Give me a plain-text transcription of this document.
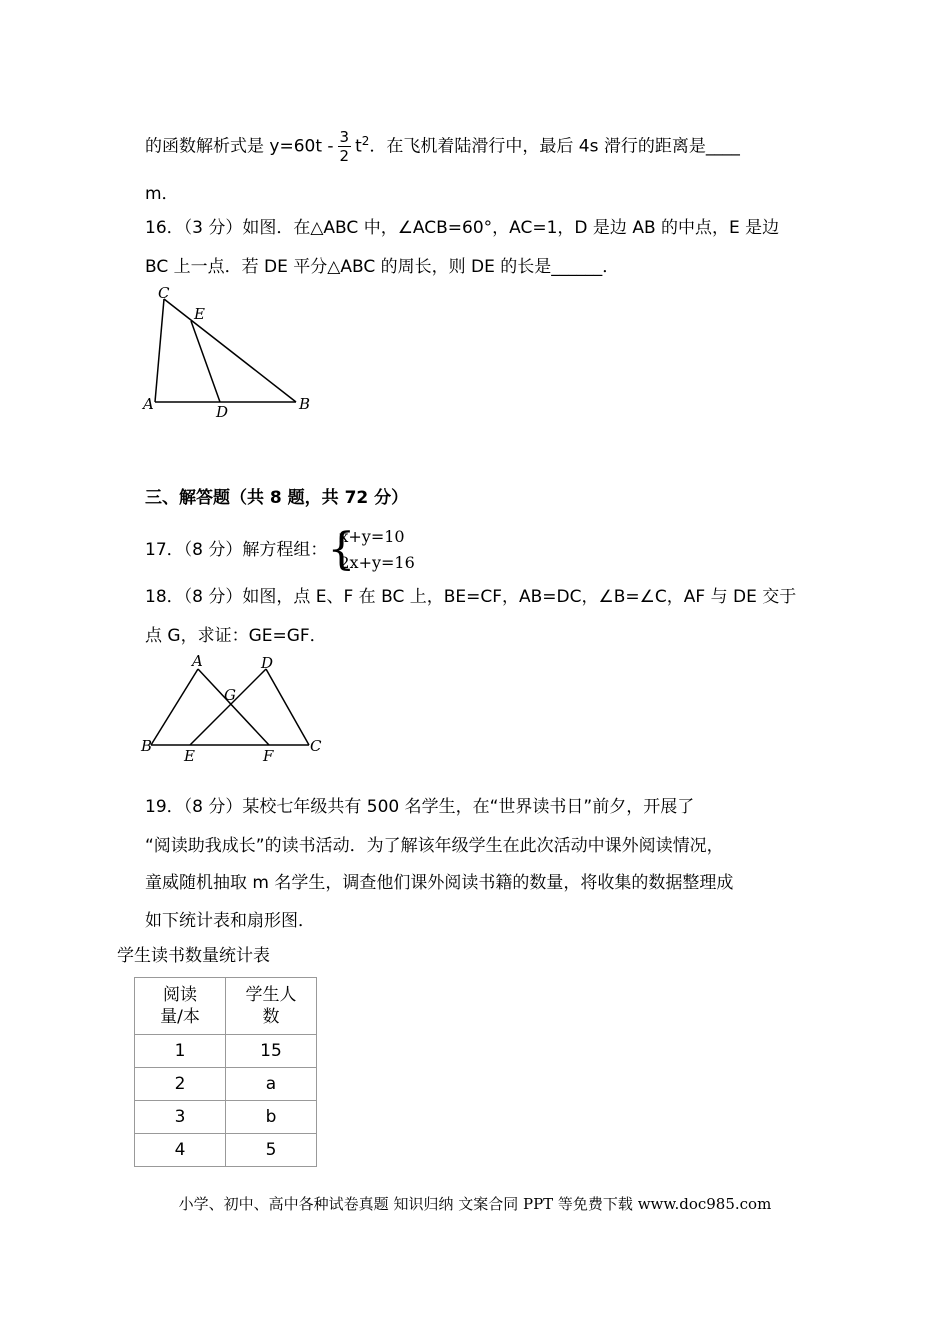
的函数解析式是 $y=60t - \frac{3}{2} t^2$．在飞机着陆滑行中，最后 4s 滑行的距离是____
m．
16．（3 分）如图．在△ABC 中，∠ACB=60°，AC=1，D 是边 AB 的中点，E 是边
BC 上一点．若 DE 平分△ABC 的周长，则 DE 的长是______．
C
E
A	D	B
三、解答题（共 8 题，共 72 分）
17．（8 分）解方程组： {
x+y=10
2x+y=16
18．（8 分）如图，点 E、F 在 BC 上，BE=CF，AB=DC，∠B=∠C，AF 与 DE 交于
点 G，求证：GE=GF．
A	D
G
B
E	F
C
19．（8 分）某校七年级共有 500 名学生，在“世界读书日”前夕，开展了
“阅读助我成长”的读书活动．为了解该年级学生在此次活动中课外阅读情况，
童威随机抽取 m 名学生，调查他们课外阅读书籍的数量，将收集的数据整理成
如下统计表和扇形图．
学生读书数量统计表
阅读量/本	学生人数

1	15
2	a
3	b
4	5
小学、初中、高中各种试卷真题 知识归纳 文案合同 PPT 等免费下载 www.doc985.com
